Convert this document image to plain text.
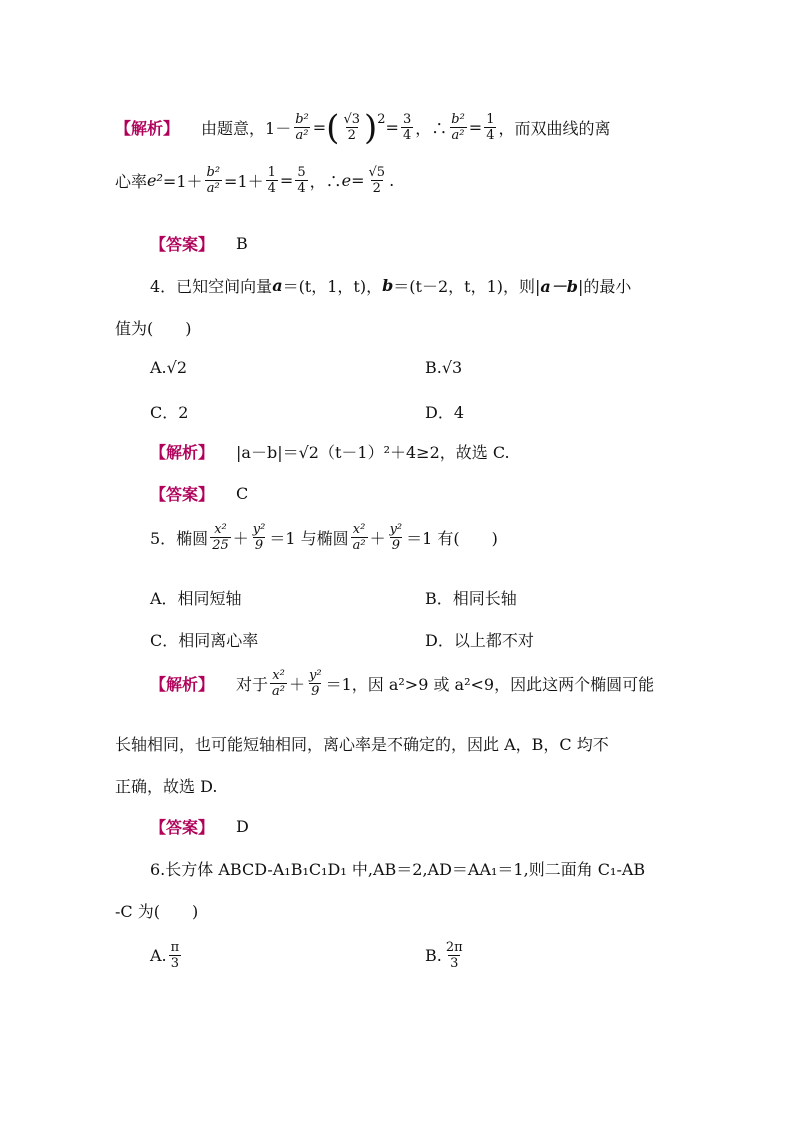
【解析】 由题意， $1- \frac{\text{b²}}{\text{a²}}$ = ( $\frac{√3}{2} )^2 = \frac{3}{4}$ ，∴ $\frac{\text{b²}}{\text{a²}} = \frac{1}{4}$ ，而双曲线的离
心率 $e^2 =1+ \frac{\text{b²}}{\text{a²}} =1+ \frac{1}{4} = \frac{5}{4}$ ，∴ $e = \frac{√5}{2}$ .
【答案】 B
4．已知空间向量 a ＝(t，1，t)， b ＝(t－2，t，1)，则| a－b |的最小
值为(　　)
A.√2	B.√3
C．2	D．4
【解析】 |a－b|＝√2（t－1）²＋4≥2，故选 C.
【答案】 C
5．椭圆 $\frac{\text{x²}}{25} + \frac{\text{y²}}{9} =1$ 与椭圆 $\frac{\text{x²}}{\text{a²}} + \frac{\text{y²}}{9} =1$ 有(　　)
A．相同短轴	B．相同长轴
C．相同离心率	D．以上都不对
【解析】 对于 $\frac{\text{x²}}{\text{a²}} + \frac{\text{y²}}{9} =1$，因 a²>9 或 a²<9，因此这两个椭圆可能
长轴相同，也可能短轴相同，离心率是不确定的，因此 A，B，C 均不
正确，故选 D.
【答案】 D
6.长方体 ABCD-A₁B₁C₁D₁ 中,AB＝2,AD＝AA₁＝1,则二面角 C₁-AB
-C 为(　　)
A. $\frac{\pi}{3}$	B. $\frac{2\pi}{3}$
